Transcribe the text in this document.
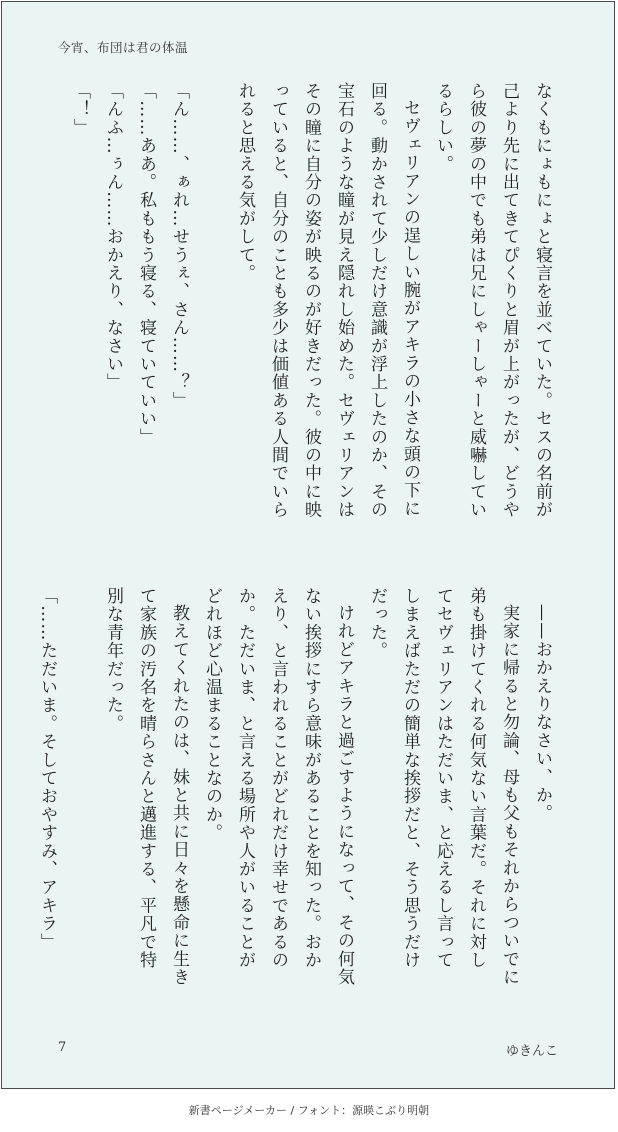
今宵、布団は君の体温

なくもにょもにょと寝言を並べていた。セスの名前が己より先に出てきてぴくりと眉が上がったが、どうやら彼の夢の中でも弟は兄にしゃーしゃーと威嚇しているらしい。

セヴェリアンの逞しい腕がアキラの小さな頭の下に回る。動かされて少しだけ意識が浮上したのか、その宝石のような瞳が見え隠れし始めた。セヴェリアンはその瞳に自分の姿が映るのが好きだった。彼の中に映っていると、自分のことも多少は価値ある人間でいられると思える気がして。

「ん……、ぁれ…せうぇ、さん……？」

「……ああ。私ももう寝る、寝ていていい」

「んふ…ぅん……おかえり、なさい」

「！」

——おかえりなさい、か。

実家に帰ると勿論、母も父もそれからついでに弟も掛けてくれる何気ない言葉だ。それに対してセヴェリアンはただいま、と応えるし言ってしまえばただの簡単な挨拶だと、そう思うだけだった。

けれどアキラと過ごすようになって、その何気ない挨拶にすら意味があることを知った。おかえり、と言われることがどれだけ幸せであるのか。ただいま、と言える場所や人がいることがどれほど心温まることなのか。

教えてくれたのは、妹と共に日々を懸命に生きて家族の汚名を晴らさんと邁進する、平凡で特別な青年だった。

「……ただいま。そしておやすみ、アキラ」

7	ゆきんこ
新書ページメーカー / フォント：源暎こぶり明朝
